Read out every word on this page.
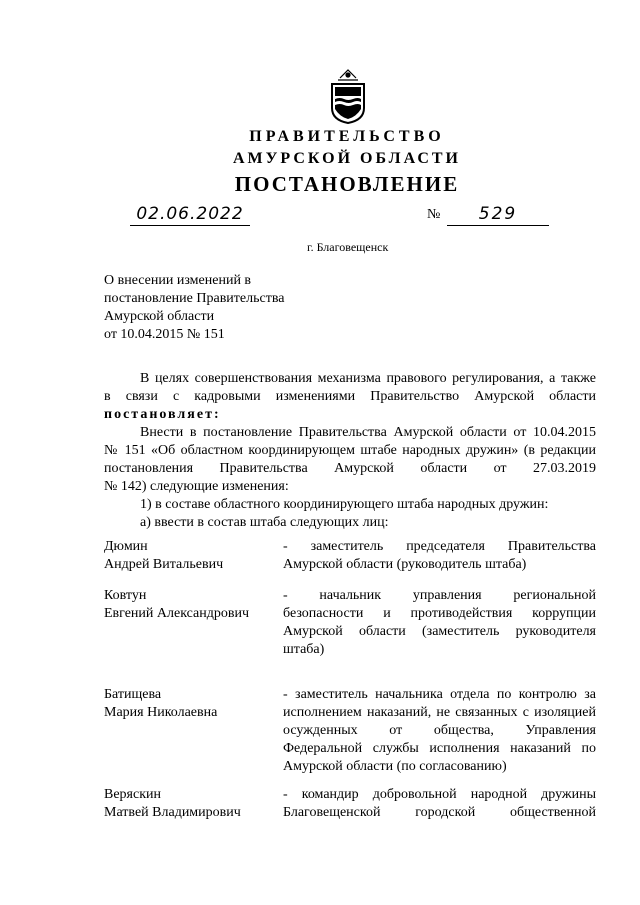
ПРАВИТЕЛЬСТВО
АМУРСКОЙ ОБЛАСТИ
ПОСТАНОВЛЕНИЕ
02.06.2022	№	529
г. Благовещенск
О внесении изменений в
постановление Правительства
Амурской области
от 10.04.2015 № 151
В целях совершенствования механизма правового регулирования, а также
в связи с кадровыми изменениями Правительство Амурской области
постановляет:
Внести в постановление Правительства Амурской области от 10.04.2015
№ 151 «Об областном координирующем штабе народных дружин» (в редакции
постановления Правительства Амурской области от 27.03.2019
№ 142) следующие изменения:
1) в составе областного координирующего штаба народных дружин:
а) ввести в состав штаба следующих лиц:
Дюмин
Андрей Витальевич
- заместитель председателя Правительства
Амурской области (руководитель штаба)
Ковтун
Евгений Александрович
- начальник управления региональной
безопасности и противодействия коррупции
Амурской области (заместитель руководителя
штаба)
Батищева
Мария Николаевна
- заместитель начальника отдела по контролю за
исполнением наказаний, не связанных с изоляцией
осужденных от общества, Управления
Федеральной службы исполнения наказаний по
Амурской области (по согласованию)
Веряскин
Матвей Владимирович
- командир добровольной народной дружины
Благовещенской городской общественной
